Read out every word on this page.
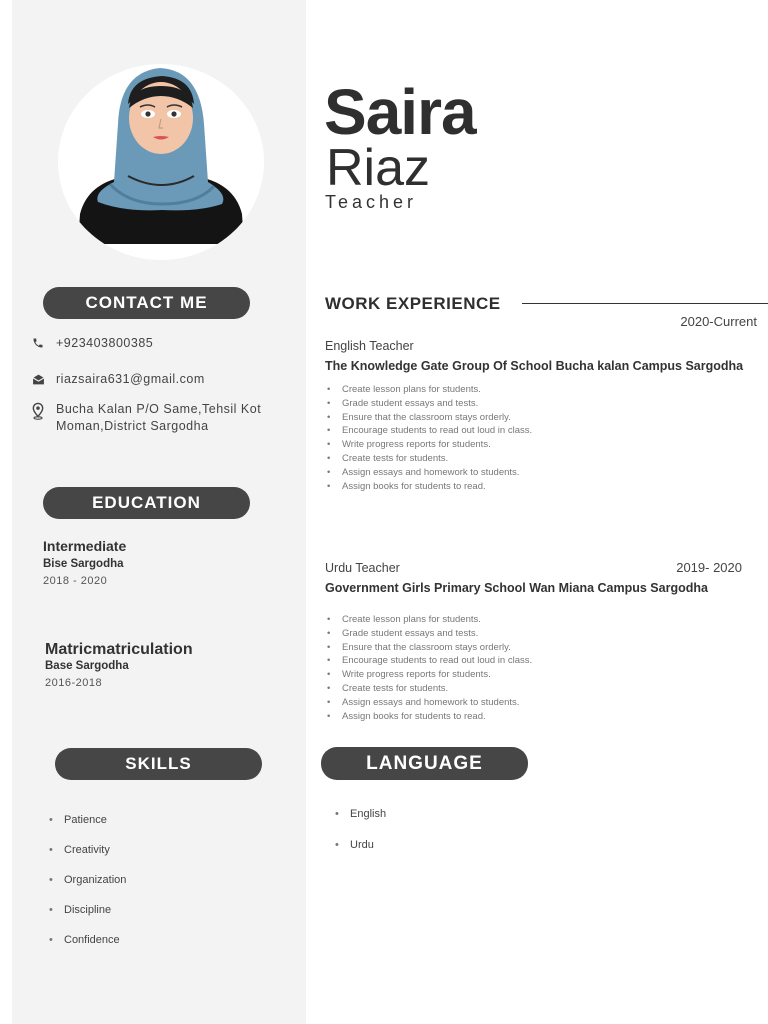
Saira
Riaz
Teacher
CONTACT ME
+923403800385
riazsaira631@gmail.com
Bucha Kalan P/O Same,Tehsil Kot
Moman,District Sargodha
EDUCATION
Intermediate
Bise Sargodha
2018 - 2020
Matricmatriculation
Base Sargodha
2016-2018
SKILLS
• Patience
• Creativity
• Organization
• Discipline
• Confidence
WORK EXPERIENCE
2020-Current
English Teacher
The Knowledge Gate Group Of School Bucha kalan Campus Sargodha
• Create lesson plans for students.
• Grade student essays and tests.
• Ensure that the classroom stays orderly.
• Encourage students to read out loud in class.
• Write progress reports for students.
• Create tests for students.
• Assign essays and homework to students.
• Assign books for students to read.
Urdu Teacher	2019- 2020
Government Girls Primary School Wan Miana Campus Sargodha
• Create lesson plans for students.
• Grade student essays and tests.
• Ensure that the classroom stays orderly.
• Encourage students to read out loud in class.
• Write progress reports for students.
• Create tests for students.
• Assign essays and homework to students.
• Assign books for students to read.
LANGUAGE
• English
• Urdu
